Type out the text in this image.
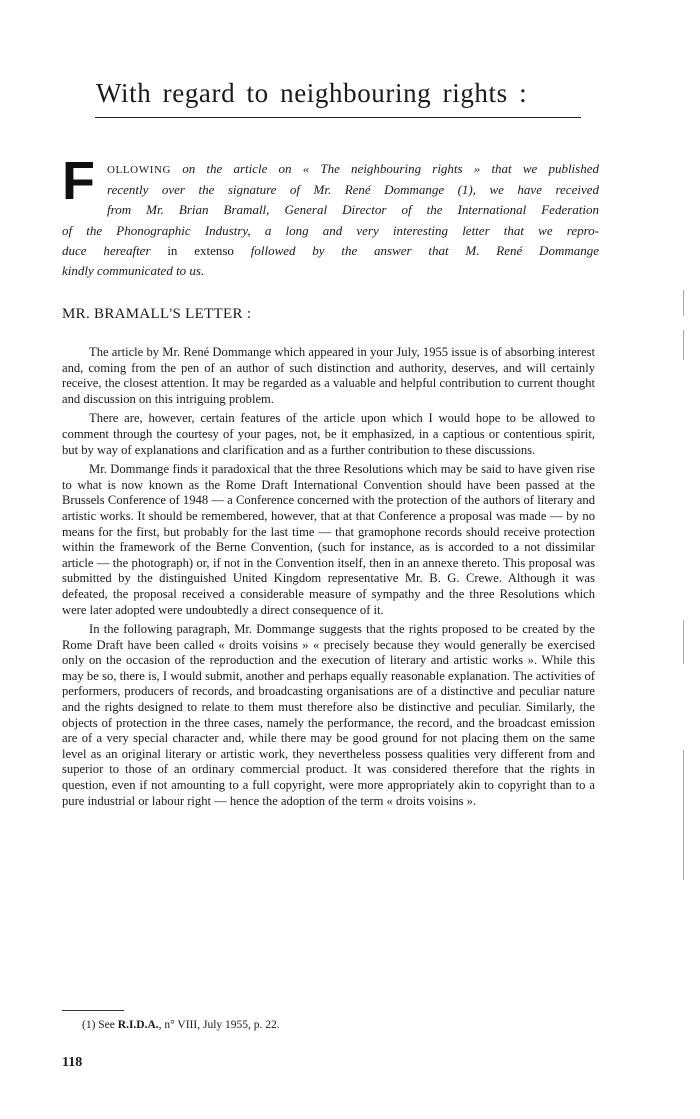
With regard to neighbouring rights :
F OLLOWING on the article on « The neighbouring rights » that we published
recently over the signature of Mr. René Dommange (1), we have received
from Mr. Brian Bramall, General Director of the International Federation
of the Phonographic Industry, a long and very interesting letter that we repro-
duce hereafter in extenso followed by the answer that M. René Dommange
kindly communicated to us.
MR. BRAMALL'S LETTER :

The article by Mr. René Dommange which appeared in your July, 1955 issue is of absorbing interest and, coming from the pen of an author of such distinction and authority, deserves, and will certainly receive, the closest attention. It may be regarded as a valuable and helpful contribution to current thought and discussion on this intriguing problem.

There are, however, certain features of the article upon which I would hope to be allowed to comment through the courtesy of your pages, not, be it emphasized, in a captious or contentious spirit, but by way of explanations and clarification and as a further contribution to these discussions.

Mr. Dommange finds it paradoxical that the three Resolutions which may be said to have given rise to what is now known as the Rome Draft International Convention should have been passed at the Brussels Conference of 1948 — a Conference concerned with the protection of the authors of literary and artistic works. It should be remembered, however, that at that Conference a proposal was made — by no means for the first, but probably for the last time — that gramophone records should receive protection within the framework of the Berne Convention, (such for instance, as is accorded to a not dissimilar article — the photograph) or, if not in the Convention itself, then in an annexe thereto. This proposal was submitted by the distinguished United Kingdom representative Mr. B. G. Crewe. Although it was defeated, the proposal received a considerable measure of sympathy and the three Resolutions which were later adopted were undoubtedly a direct consequence of it.

In the following paragraph, Mr. Dommange suggests that the rights proposed to be created by the Rome Draft have been called « droits voisins » « precisely because they would generally be exercised only on the occasion of the reproduction and the execution of literary and artistic works ». While this may be so, there is, I would submit, another and perhaps equally reasonable explanation. The activities of performers, producers of records, and broadcasting organisations are of a distinctive and peculiar nature and the rights designed to relate to them must therefore also be distinctive and peculiar. Similarly, the objects of protection in the three cases, namely the performance, the record, and the broadcast emission are of a very special character and, while there may be good ground for not placing them on the same level as an original literary or artistic work, they nevertheless possess qualities very different from and superior to those of an ordinary commercial product. It was considered therefore that the rights in question, even if not amounting to a full copyright, were more appropriately akin to copyright than to a pure industrial or labour right — hence the adoption of the term « droits voisins ».

(1) See R.I.D.A., n° VIII, July 1955, p. 22.
118
